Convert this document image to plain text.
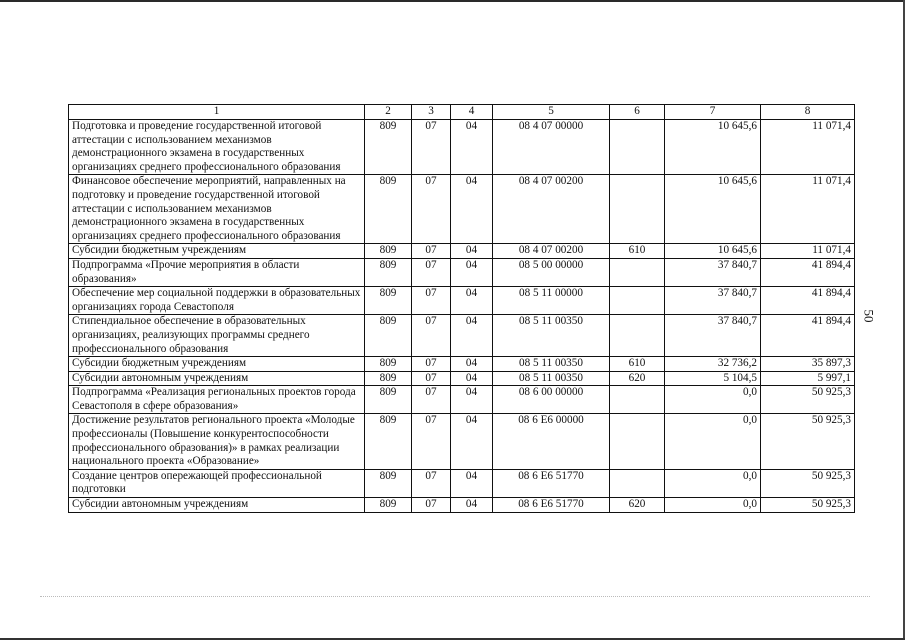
50
1	2	3	4	5	6	7	8
Подготовка и проведение государственной итоговой аттестации с использованием механизмов демонстрационного экзамена в государственных организациях среднего профессионального образования	809	07	04	08 4 07 00000		10 645,6	11 071,4
Финансовое обеспечение мероприятий, направленных на подготовку и проведение государственной итоговой аттестации с использованием механизмов демонстрационного экзамена в государственных организациях среднего профессионального образования	809	07	04	08 4 07 00200		10 645,6	11 071,4
Субсидии бюджетным учреждениям	809	07	04	08 4 07 00200	610	10 645,6	11 071,4
Подпрограмма «Прочие мероприятия в области образования»	809	07	04	08 5 00 00000		37 840,7	41 894,4
Обеспечение мер социальной поддержки в образовательных организациях города Севастополя	809	07	04	08 5 11 00000		37 840,7	41 894,4
Стипендиальное обеспечение в образовательных организациях, реализующих программы среднего профессионального образования	809	07	04	08 5 11 00350		37 840,7	41 894,4
Субсидии бюджетным учреждениям	809	07	04	08 5 11 00350	610	32 736,2	35 897,3
Субсидии автономным учреждениям	809	07	04	08 5 11 00350	620	5 104,5	5 997,1
Подпрограмма «Реализация региональных проектов города Севастополя в сфере образования»	809	07	04	08 6 00 00000		0,0	50 925,3
Достижение результатов регионального проекта «Молодые профессионалы (Повышение конкурентоспособности профессионального образования)» в рамках реализации национального проекта «Образование»	809	07	04	08 6 E6 00000		0,0	50 925,3
Создание центров опережающей профессиональной подготовки	809	07	04	08 6 E6 51770		0,0	50 925,3
Субсидии автономным учреждениям	809	07	04	08 6 E6 51770	620	0,0	50 925,3
